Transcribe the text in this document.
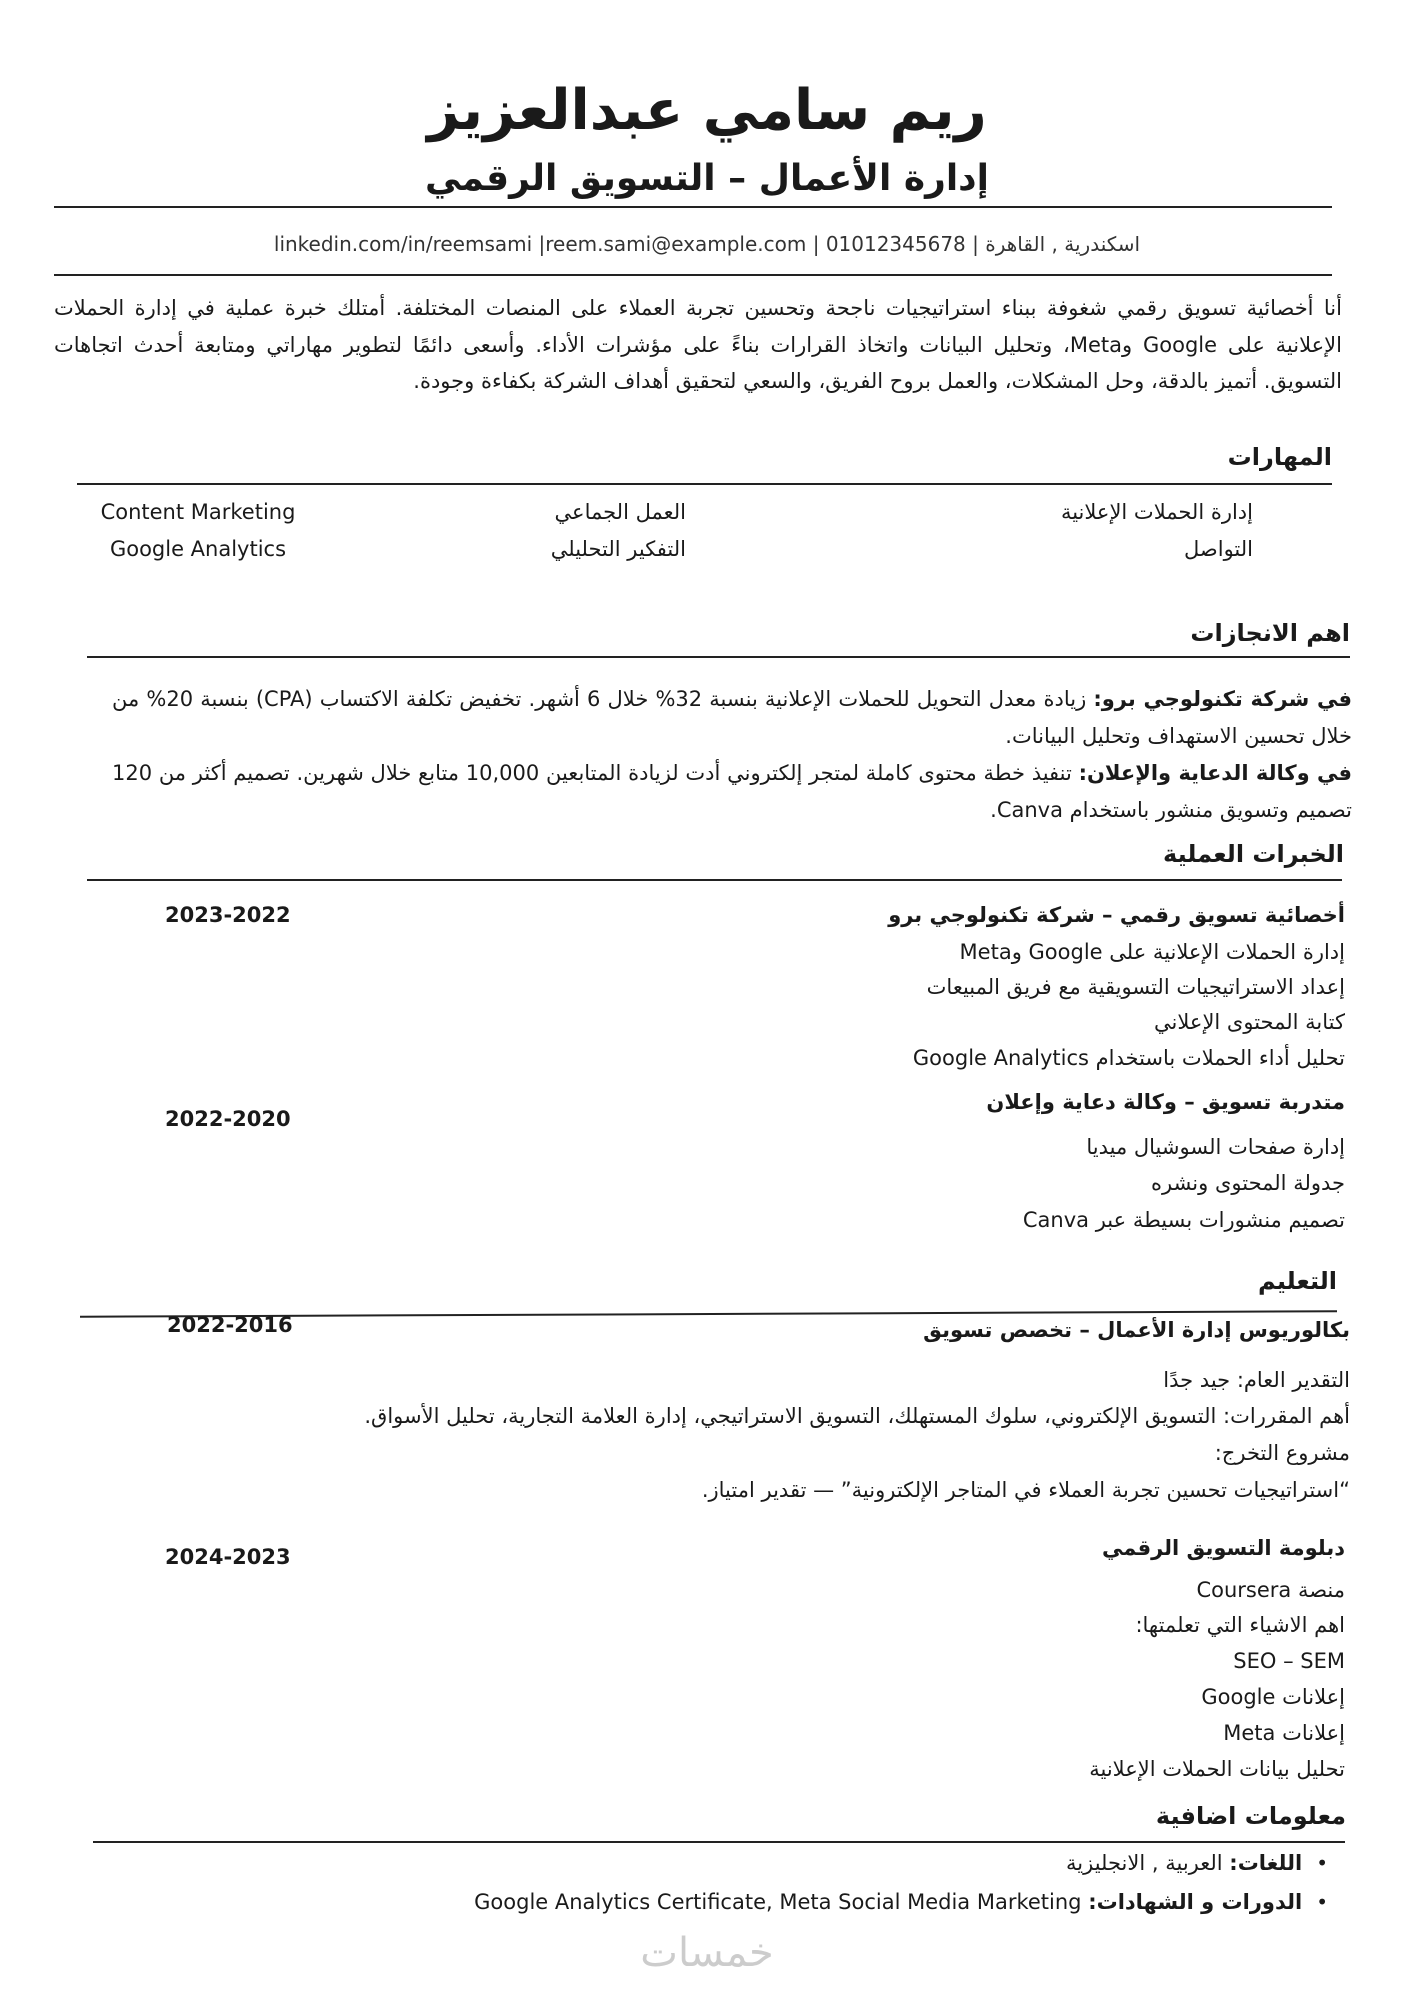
ريم سامي عبدالعزيز
إدارة الأعمال – التسويق الرقمي
اسكندرية , القاهرة | 01012345678 | linkedin.com/in/reemsami |reem.sami@example.com
أنا أخصائية تسويق رقمي شغوفة ببناء استراتيجيات ناجحة وتحسين تجربة العملاء على المنصات المختلفة. أمتلك خبرة عملية في إدارة الحملات الإعلانية على Google وMeta، وتحليل البيانات واتخاذ القرارات بناءً على مؤشرات الأداء. وأسعى دائمًا لتطوير مهاراتي ومتابعة أحدث اتجاهات التسويق. أتميز بالدقة، وحل المشكلات، والعمل بروح الفريق، والسعي لتحقيق أهداف الشركة بكفاءة وجودة.
المهارات
إدارة الحملات الإعلانية
التواصل
العمل الجماعي
التفكير التحليلي
Content Marketing
Google Analytics
اهم الانجازات
في شركة تكنولوجي برو: زيادة معدل التحويل للحملات الإعلانية بنسبة 32% خلال 6 أشهر. تخفيض تكلفة الاكتساب (CPA) بنسبة 20% من خلال تحسين الاستهداف وتحليل البيانات.
في وكالة الدعاية والإعلان: تنفيذ خطة محتوى كاملة لمتجر إلكتروني أدت لزيادة المتابعين 10,000 متابع خلال شهرين. تصميم أكثر من 120 تصميم وتسويق منشور باستخدام Canva.
الخبرات العملية
أخصائية تسويق رقمي – شركة تكنولوجي برو
2023-2022
إدارة الحملات الإعلانية على Google وMeta
إعداد الاستراتيجيات التسويقية مع فريق المبيعات
كتابة المحتوى الإعلاني
تحليل أداء الحملات باستخدام Google Analytics
متدربة تسويق – وكالة دعاية وإعلان
2022-2020
إدارة صفحات السوشيال ميديا
جدولة المحتوى ونشره
تصميم منشورات بسيطة عبر Canva
التعليم
بكالوريوس إدارة الأعمال – تخصص تسويق
2022-2016
التقدير العام: جيد جدًا
أهم المقررات: التسويق الإلكتروني، سلوك المستهلك، التسويق الاستراتيجي، إدارة العلامة التجارية، تحليل الأسواق.
مشروع التخرج:
“استراتيجيات تحسين تجربة العملاء في المتاجر الإلكترونية” — تقدير امتياز.
دبلومة التسويق الرقمي
2024-2023
منصة Coursera
اهم الاشياء التي تعلمتها:
SEO – SEM
إعلانات Google
إعلانات Meta
تحليل بيانات الحملات الإعلانية
معلومات اضافية
•
اللغات: العربية , الانجليزية
•
الدورات و الشهادات: Google Analytics Certificate, Meta Social Media Marketing
خمسات
